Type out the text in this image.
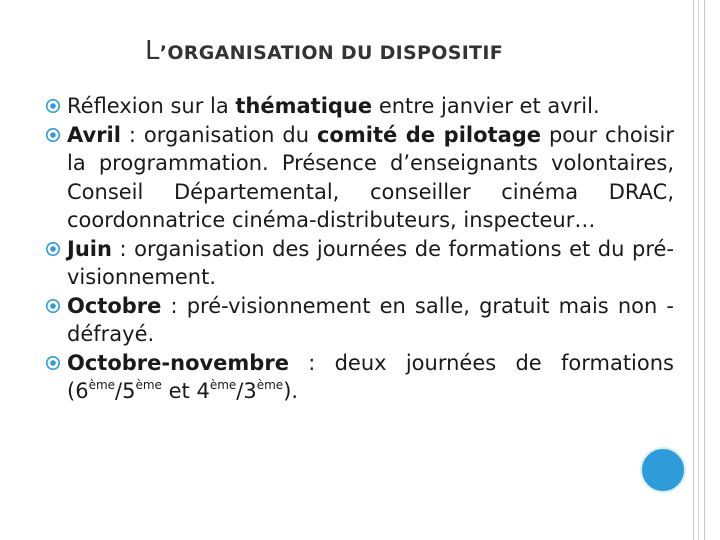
L’ORGANISATION DU DISPOSITIF
Réflexion sur la thématique entre janvier et avril.
Avril : organisation du comité de pilotage pour choisir la programmation. Présence d’enseignants volontaires, Conseil Départemental, conseiller cinéma DRAC, coordonnatrice cinéma-distributeurs, inspecteur…
Juin : organisation des journées de formations et du pré-visionnement.
Octobre : pré-visionnement en salle, gratuit mais non -défrayé.
Octobre-novembre : deux journées de formations (6ème/5ème et 4ème/3ème).
